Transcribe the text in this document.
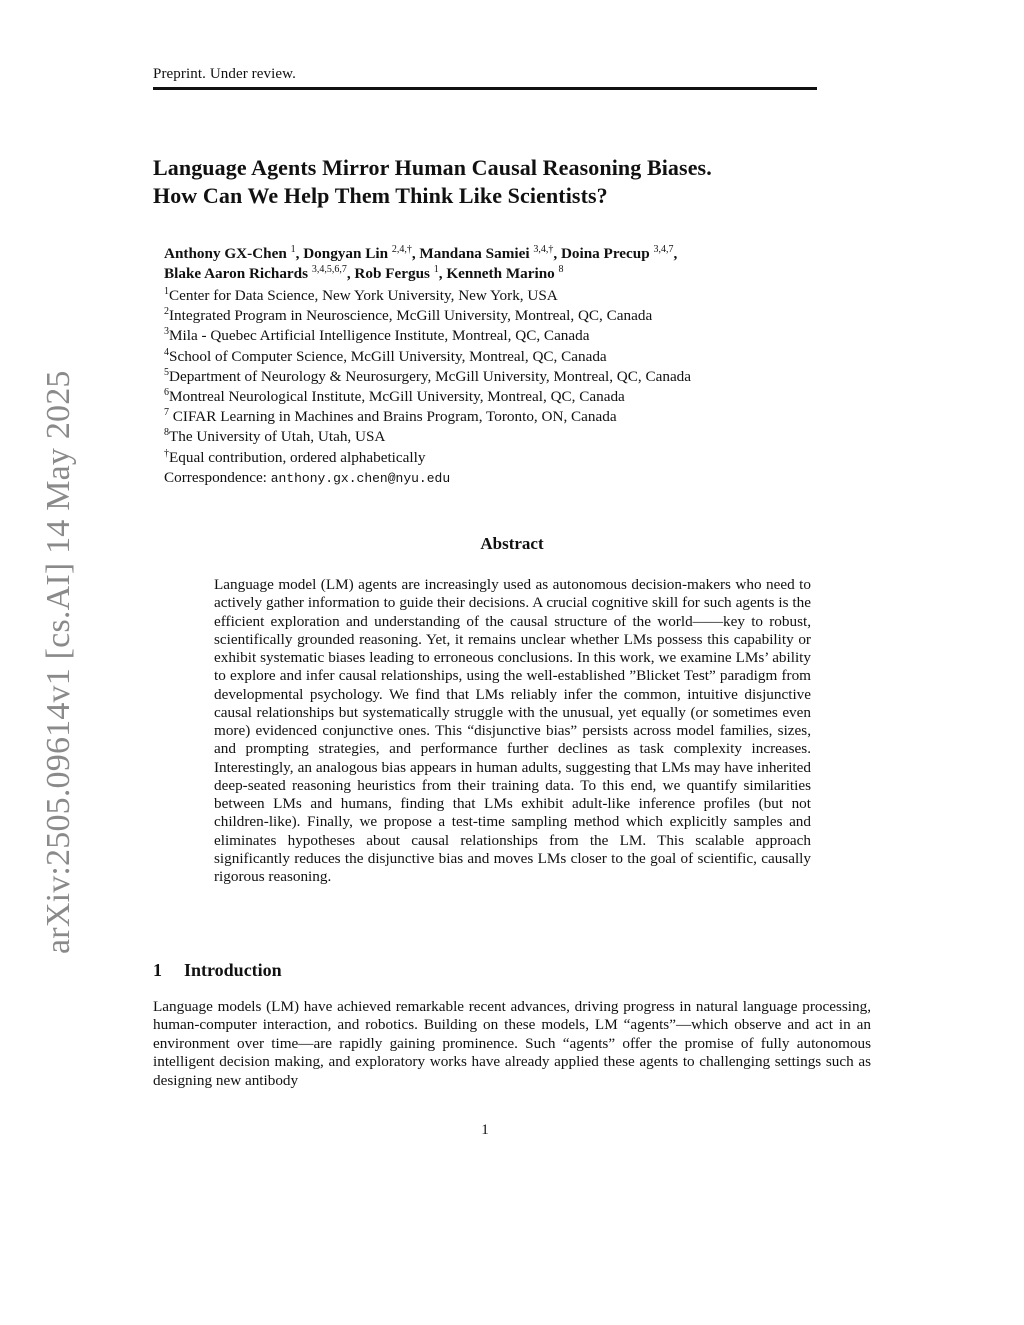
Preprint. Under review.
arXiv:2505.09614v1 [cs.AI] 14 May 2025
Language Agents Mirror Human Causal Reasoning Biases.
How Can We Help Them Think Like Scientists?
Anthony GX-Chen $^1$, Dongyan Lin $^{2,4,\dagger}$, Mandana Samiei $^{3,4,\dagger}$, Doina Precup $^{3,4,7}$,
Blake Aaron Richards $^{3,4,5,6,7}$, Rob Fergus $^1$, Kenneth Marino $^8$
$^1$Center for Data Science, New York University, New York, USA
$^2$Integrated Program in Neuroscience, McGill University, Montreal, QC, Canada
$^3$Mila - Quebec Artificial Intelligence Institute, Montreal, QC, Canada
$^4$School of Computer Science, McGill University, Montreal, QC, Canada
$^5$Department of Neurology & Neurosurgery, McGill University, Montreal, QC, Canada
$^6$Montreal Neurological Institute, McGill University, Montreal, QC, Canada
$^7$ CIFAR Learning in Machines and Brains Program, Toronto, ON, Canada
$^8$The University of Utah, Utah, USA
†Equal contribution, ordered alphabetically
Correspondence: anthony.gx.chen@nyu.edu
Abstract
Language model (LM) agents are increasingly used as autonomous decision-makers who need to actively gather information to guide their decisions. A crucial cognitive skill for such agents is the efficient exploration and understanding of the causal structure of the world——key to robust, scientifically grounded reasoning. Yet, it remains unclear whether LMs possess this capability or exhibit systematic biases leading to erroneous conclusions. In this work, we examine LMs’ ability to explore and infer causal relationships, using the well-established ”Blicket Test” paradigm from developmental psychology. We find that LMs reliably infer the common, intuitive disjunctive causal relationships but systematically struggle with the unusual, yet equally (or sometimes even more) evidenced conjunctive ones. This “disjunctive bias” persists across model families, sizes, and prompting strategies, and performance further declines as task complexity increases. Interestingly, an analogous bias appears in human adults, suggesting that LMs may have inherited deep-seated reasoning heuristics from their training data. To this end, we quantify similarities between LMs and humans, finding that LMs exhibit adult-like inference profiles (but not children-like). Finally, we propose a test-time sampling method which explicitly samples and eliminates hypotheses about causal relationships from the LM. This scalable approach significantly reduces the disjunctive bias and moves LMs closer to the goal of scientific, causally rigorous reasoning.
1 Introduction
Language models (LM) have achieved remarkable recent advances, driving progress in natural language processing, human-computer interaction, and robotics. Building on these models, LM “agents”—which observe and act in an environment over time—are rapidly gaining prominence. Such “agents” offer the promise of fully autonomous intelligent decision making, and exploratory works have already applied these agents to challenging settings such as designing new antibody
1
